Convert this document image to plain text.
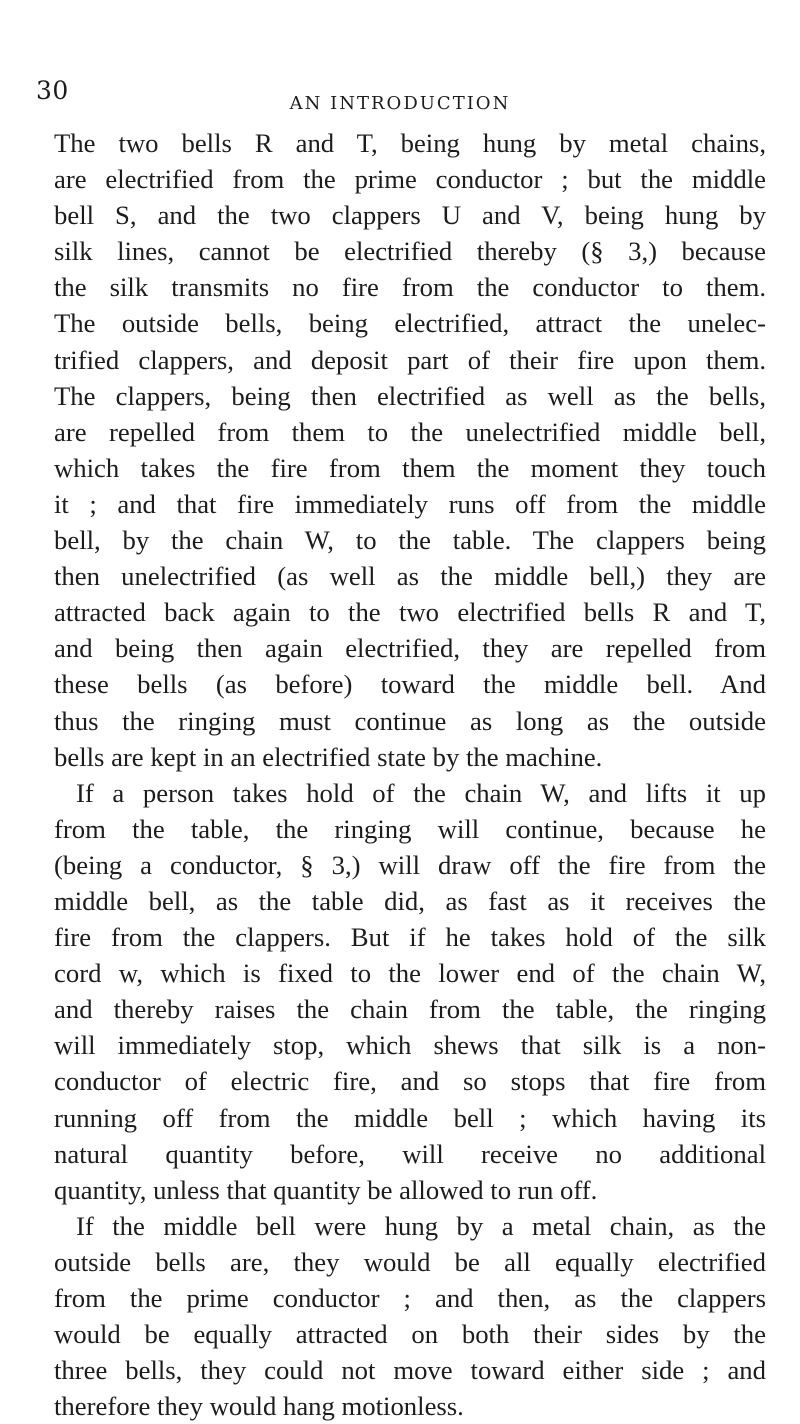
30	AN INTRODUCTION

The two bells R and T, being hung by metal chains,
are electrified from the prime conductor ; but the middle
bell S, and the two clappers U and V, being hung by
silk lines, cannot be electrified thereby (§ 3,) because
the silk transmits no fire from the conductor to them.
The outside bells, being electrified, attract the unelec-
trified clappers, and deposit part of their fire upon them.
The clappers, being then electrified as well as the bells,
are repelled from them to the unelectrified middle bell,
which takes the fire from them the moment they touch
it ; and that fire immediately runs off from the middle
bell, by the chain W, to the table. The clappers being
then unelectrified (as well as the middle bell,) they are
attracted back again to the two electrified bells R and T,
and being then again electrified, they are repelled from
these bells (as before) toward the middle bell. And
thus the ringing must continue as long as the outside
bells are kept in an electrified state by the machine.

If a person takes hold of the chain W, and lifts it up
from the table, the ringing will continue, because he
(being a conductor, § 3,) will draw off the fire from the
middle bell, as the table did, as fast as it receives the
fire from the clappers. But if he takes hold of the silk
cord w, which is fixed to the lower end of the chain W,
and thereby raises the chain from the table, the ringing
will immediately stop, which shews that silk is a non-
conductor of electric fire, and so stops that fire from
running off from the middle bell ; which having its
natural quantity before, will receive no additional
quantity, unless that quantity be allowed to run off.

If the middle bell were hung by a metal chain, as the
outside bells are, they would be all equally electrified
from the prime conductor ; and then, as the clappers
would be equally attracted on both their sides by the
three bells, they could not move toward either side ; and
therefore they would hang motionless.
